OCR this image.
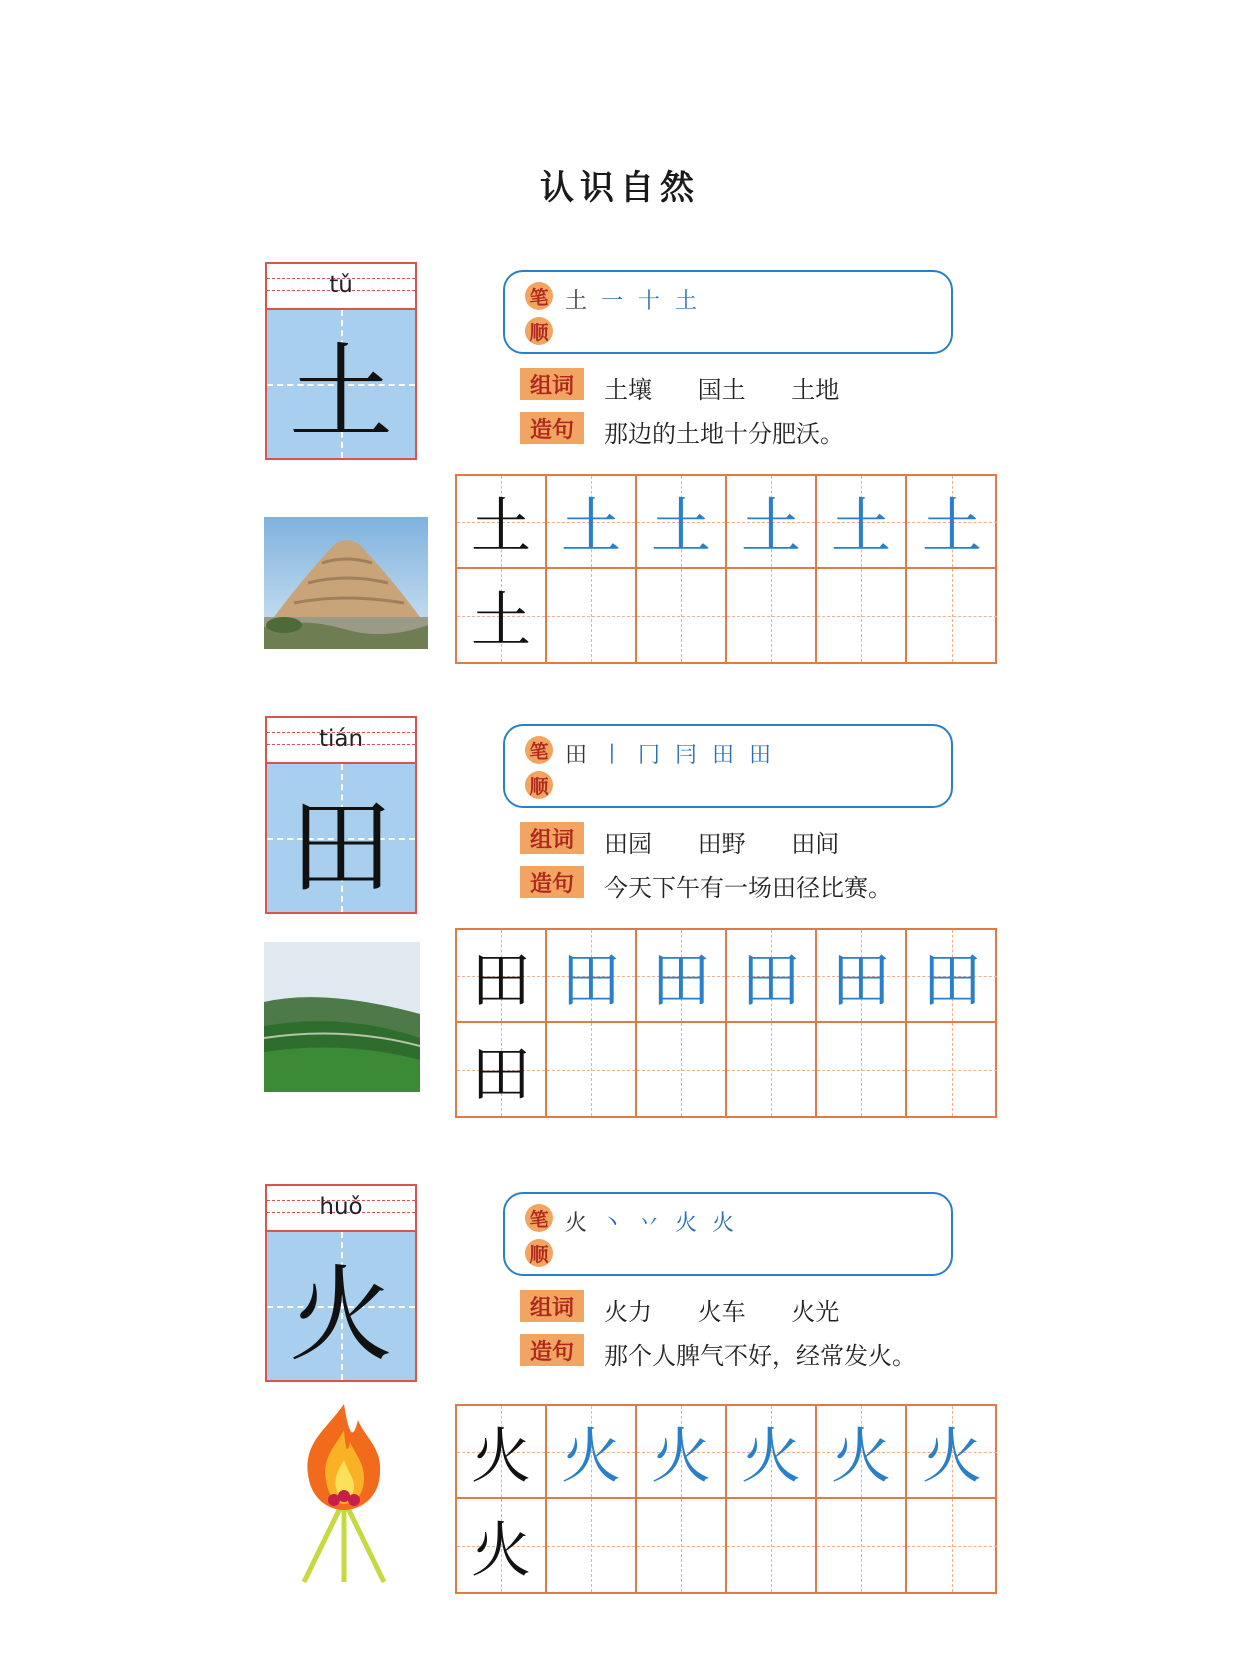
认识自然
tǔ
土
笔
顺
土 一 十 土
组词	土壤 国土 土地
造句	那边的土地十分肥沃。
土 土 土 土 土 土
土
tián
田
笔
顺
田 丨 冂 冃 田 田
组词	田园 田野 田间
造句	今天下午有一场田径比赛。
田 田 田 田 田 田
田
huǒ
火
笔
顺
火 丶 丷 火 火
组词	火力 火车 火光
造句	那个人脾气不好，经常发火。
火 火 火 火 火 火
火
